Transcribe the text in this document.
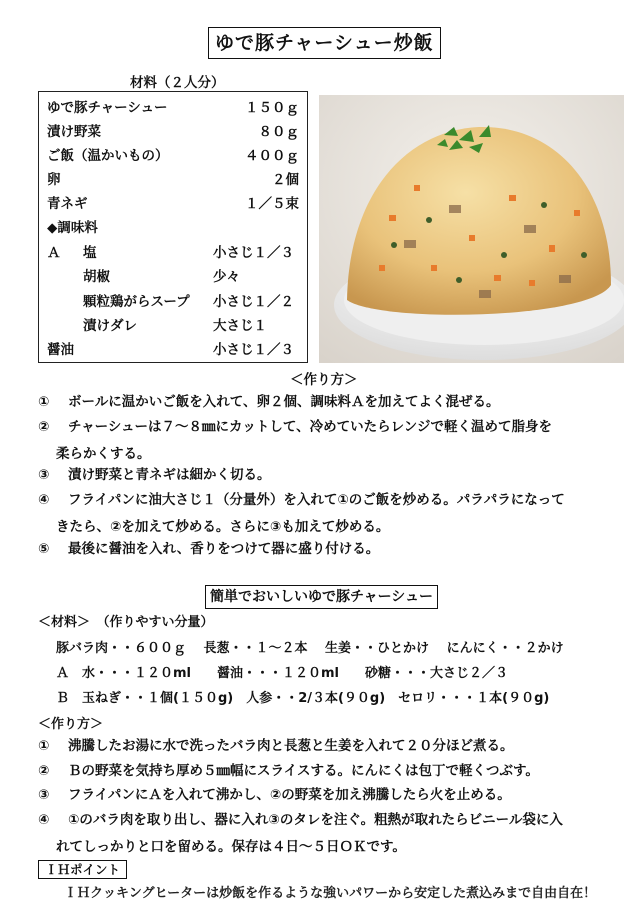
ゆで豚チャーシュー炒飯
材料（２人分）
ゆで豚チャーシュー	１５０ｇ
漬け野菜	８０ｇ
ご飯（温かいもの）	４００ｇ
卵	２個
青ネギ	１／５束
◆調味料
Ａ 塩	小さじ１／３
胡椒	少々
顆粒鶏がらスープ 小さじ１／２
漬けダレ	大さじ１
醤油	小さじ１／３
＜作り方＞
① ボールに温かいご飯を入れて、卵２個、調味料Ａを加えてよく混ぜる。
② チャーシューは７～８㎜にカットして、冷めていたらレンジで軽く温めて脂身を
柔らかくする。
③ 漬け野菜と青ネギは細かく切る。
④ フライパンに油大さじ１（分量外）を入れて①のご飯を炒める。パラパラになって
きたら、②を加えて炒める。さらに③も加えて炒める。
⑤ 最後に醤油を入れ、香りをつけて器に盛り付ける。
簡単でおいしいゆで豚チャーシュー
＜材料＞　（作りやすい分量）
豚バラ肉・・６００ｇ　 長葱・・１～２本　 生姜・・ひとかけ　 にんにく・・２かけ
Ａ　水・・・１２０ml　　醤油・・・１２０ml　　砂糖・・・大さじ２／３
Ｂ　玉ねぎ・・１個(１５０g)　人参・・2/３本(９０g)　セロリ・・・１本(９０g)
＜作り方＞
① 沸騰したお湯に水で洗ったバラ肉と長葱と生姜を入れて２０分ほど煮る。
② Ｂの野菜を気持ち厚め５㎜幅にスライスする。にんにくは包丁で軽くつぶす。
③ フライパンにＡを入れて沸かし、②の野菜を加え沸騰したら火を止める。
④ ①のバラ肉を取り出し、器に入れ③のタレを注ぐ。粗熱が取れたらビニール袋に入
れてしっかりと口を留める。保存は４日～５日ＯＫです。
ＩＨポイント
ＩＨクッキングヒーターは炒飯を作るような強いパワーから安定した煮込みまで自由自在！
